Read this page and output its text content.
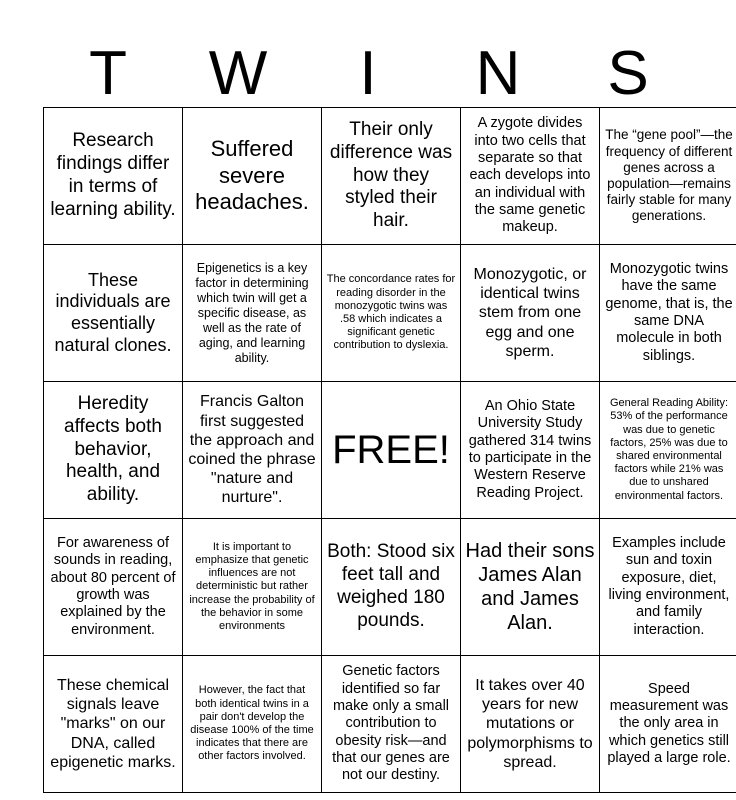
T	W	I	N	S
Research findings differ in terms of learning ability.	Suffered severe headaches.	Their only difference was how they styled their hair.	A zygote divides into two cells that separate so that each develops into an individual with the same genetic makeup.	The “gene pool”—the frequency of different genes across a population—remains fairly stable for many generations.
These individuals are essentially natural clones.	Epigenetics is a key factor in determining which twin will get a specific disease, as well as the rate of aging, and learning ability.	The concordance rates for reading disorder in the monozygotic twins was .58 which indicates a significant genetic contribution to dyslexia.	Monozygotic, or identical twins stem from one egg and one sperm.	Monozygotic twins have the same genome, that is, the same DNA molecule in both siblings.
Heredity affects both behavior, health, and ability.	Francis Galton first suggested the approach and coined the phrase "nature and nurture".	FREE!	An Ohio State University Study gathered 314 twins to participate in the Western Reserve Reading Project.	General Reading Ability: 53% of the performance was due to genetic factors, 25% was due to shared environmental factors while 21% was due to unshared environmental factors.
For awareness of sounds in reading, about 80 percent of growth was explained by the environment.	It is important to emphasize that genetic influences are not deterministic but rather increase the probability of the behavior in some environments	Both: Stood six feet tall and weighed 180 pounds.	Had their sons James Alan and James Alan.	Examples include sun and toxin exposure, diet, living environment, and family interaction.
These chemical signals leave "marks" on our DNA, called epigenetic marks.	However, the fact that both identical twins in a pair don't develop the disease 100% of the time indicates that there are other factors involved.	Genetic factors identified so far make only a small contribution to obesity risk—and that our genes are not our destiny.	It takes over 40 years for new mutations or polymorphisms to spread.	Speed measurement was the only area in which genetics still played a large role.
